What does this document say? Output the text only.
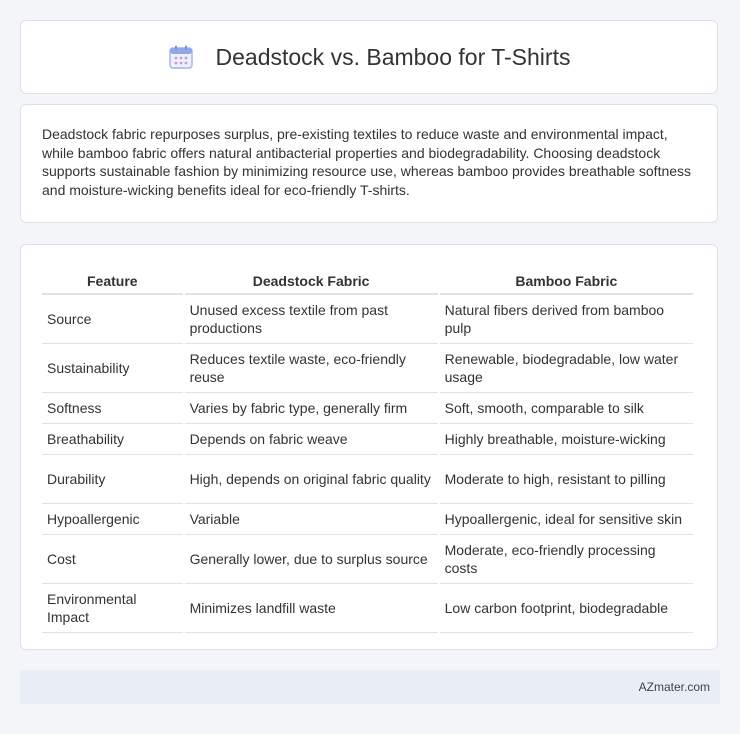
Deadstock vs. Bamboo for T-Shirts

Deadstock fabric repurposes surplus, pre-existing textiles to reduce waste and environmental impact, while bamboo fabric offers natural antibacterial properties and biodegradability. Choosing deadstock supports sustainable fashion by minimizing resource use, whereas bamboo provides breathable softness and moisture-wicking benefits ideal for eco-friendly T-shirts.

Feature	Deadstock Fabric	Bamboo Fabric
Source	Unused excess textile from past productions	Natural fibers derived from bamboo pulp
Sustainability	Reduces textile waste, eco-friendly reuse	Renewable, biodegradable, low water usage
Softness	Varies by fabric type, generally firm	Soft, smooth, comparable to silk
Breathability	Depends on fabric weave	Highly breathable, moisture-wicking
Durability	High, depends on original fabric quality	Moderate to high, resistant to pilling
Hypoallergenic	Variable	Hypoallergenic, ideal for sensitive skin
Cost	Generally lower, due to surplus source	Moderate, eco-friendly processing costs
Environmental Impact	Minimizes landfill waste	Low carbon footprint, biodegradable
AZmater.com
